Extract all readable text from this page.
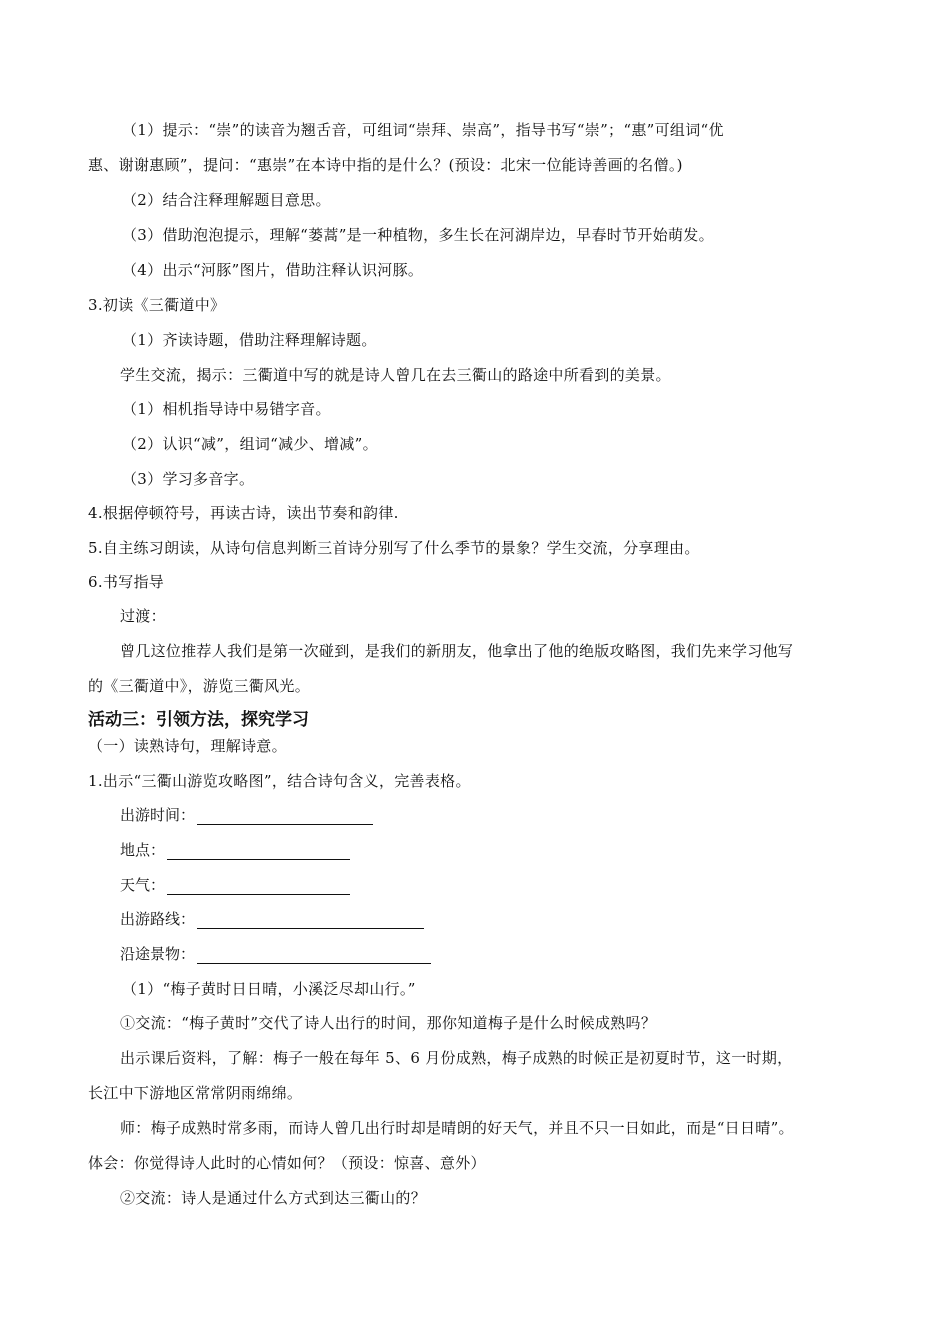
（1）提示：“崇”的读音为翘舌音，可组词“崇拜、崇高”，指导书写“崇”；“惠”可组词“优
惠、谢谢惠顾”，提问：“惠崇”在本诗中指的是什么？(预设：北宋一位能诗善画的名僧。)
（2）结合注释理解题目意思。
（3）借助泡泡提示，理解“蒌蒿”是一种植物，多生长在河湖岸边，早春时节开始萌发。
（4）出示“河豚”图片，借助注释认识河豚。
3.初读《三衢道中》
（1）齐读诗题，借助注释理解诗题。
学生交流，揭示：三衢道中写的就是诗人曾几在去三衢山的路途中所看到的美景。
（1）相机指导诗中易错字音。
（2）认识“减”，组词“减少、增减”。
（3）学习多音字。
4.根据停顿符号，再读古诗，读出节奏和韵律.
5.自主练习朗读，从诗句信息判断三首诗分别写了什么季节的景象？学生交流，分享理由。
6.书写指导
过渡：
曾几这位推荐人我们是第一次碰到，是我们的新朋友，他拿出了他的绝版攻略图，我们先来学习他写
的《三衢道中》，游览三衢风光。
活动三：引领方法，探究学习
（一）读熟诗句，理解诗意。
1.出示“三衢山游览攻略图”，结合诗句含义，完善表格。
出游时间：
地点：
天气：
出游路线：
沿途景物：
（1）“梅子黄时日日晴，小溪泛尽却山行。”
①交流：“梅子黄时”交代了诗人出行的时间，那你知道梅子是什么时候成熟吗？
出示课后资料，了解：梅子一般在每年 5、6 月份成熟，梅子成熟的时候正是初夏时节，这一时期，
长江中下游地区常常阴雨绵绵。
师：梅子成熟时常多雨，而诗人曾几出行时却是晴朗的好天气，并且不只一日如此，而是“日日晴”。
体会：你觉得诗人此时的心情如何？（预设：惊喜、意外）
②交流：诗人是通过什么方式到达三衢山的？
